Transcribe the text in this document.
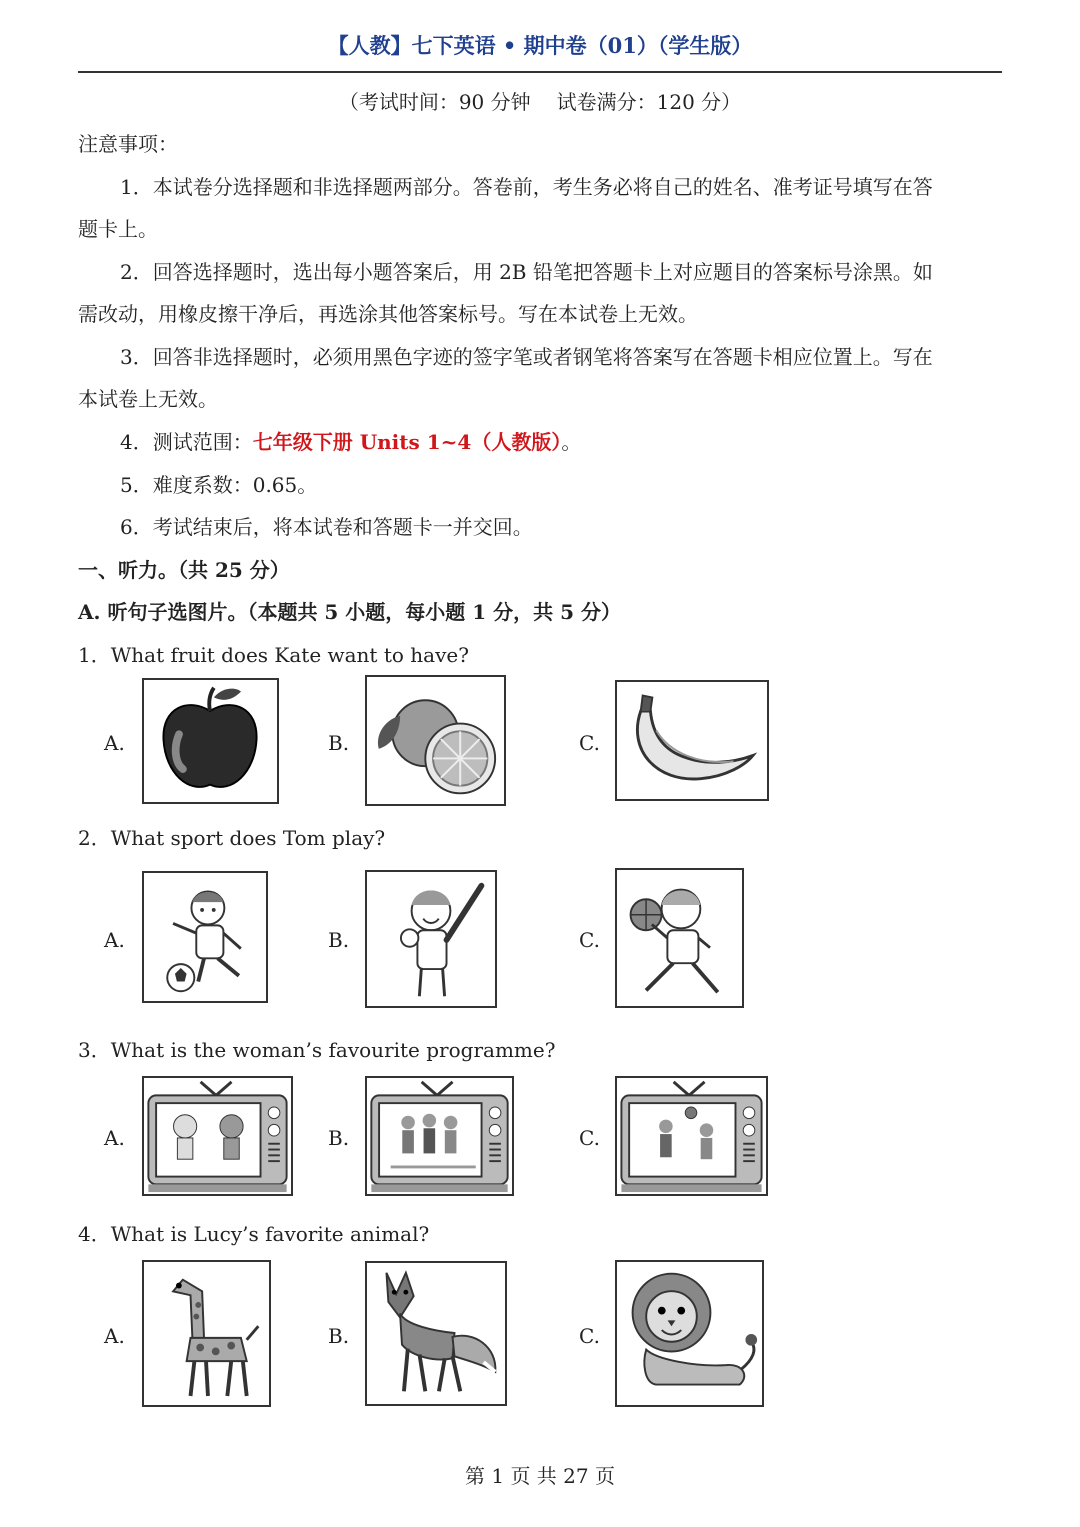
【人教】七下英语 • 期中卷（01）（学生版）
（考试时间：90 分钟 试卷满分：120 分）
注意事项：
1．本试卷分选择题和非选择题两部分。答卷前，考生务必将自己的姓名、准考证号填写在答
题卡上。
2．回答选择题时，选出每小题答案后，用 2B 铅笔把答题卡上对应题目的答案标号涂黑。如
需改动，用橡皮擦干净后，再选涂其他答案标号。写在本试卷上无效。
3．回答非选择题时，必须用黑色字迹的签字笔或者钢笔将答案写在答题卡相应位置上。写在
本试卷上无效。
4．测试范围：七年级下册 Units 1~4（人教版）。
5．难度系数：0.65。
6．考试结束后，将本试卷和答题卡一并交回。
一、听力。（共 25 分）
A. 听句子选图片。（本题共 5 小题，每小题 1 分，共 5 分）
1．What fruit does Kate want to have?
A.	B.	C.
2．What sport does Tom play?
A.	B.	C.
3．What is the woman’s favourite programme?
A.	B.	C.
4．What is Lucy’s favorite animal?
A.	B.	C.
第 1 页 共 27 页
